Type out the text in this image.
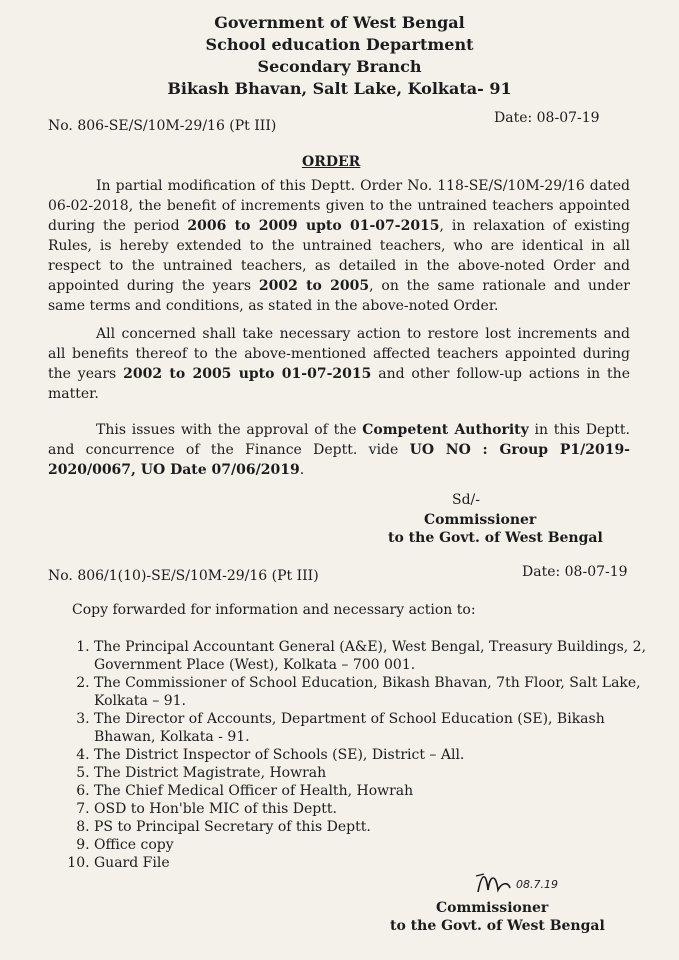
Government of West Bengal
School education Department
Secondary Branch
Bikash Bhavan, Salt Lake, Kolkata- 91
No. 806-SE/S/10M-29/16 (Pt III)	Date: 08-07-19
ORDER
In partial modification of this Deptt. Order No. 118-SE/S/10M-29/16 dated 06-02-2018, the benefit of increments given to the untrained teachers appointed during the period 2006 to 2009 upto 01-07-2015, in relaxation of existing Rules, is hereby extended to the untrained teachers, who are identical in all respect to the untrained teachers, as detailed in the above-noted Order and appointed during the years 2002 to 2005, on the same rationale and under same terms and conditions, as stated in the above-noted Order.
All concerned shall take necessary action to restore lost increments and all benefits thereof to the above-mentioned affected teachers appointed during the years 2002 to 2005 upto 01-07-2015 and other follow-up actions in the matter.
This issues with the approval of the Competent Authority in this Deptt. and concurrence of the Finance Deptt. vide UO NO : Group P1/2019-2020/0067, UO Date 07/06/2019.
Sd/-
Commissioner
to the Govt. of West Bengal
No. 806/1(10)-SE/S/10M-29/16 (Pt III)	Date: 08-07-19
Copy forwarded for information and necessary action to:
1. The Principal Accountant General (A&E), West Bengal, Treasury Buildings, 2, Government Place (West), Kolkata – 700 001.
2. The Commissioner of School Education, Bikash Bhavan, 7th Floor, Salt Lake, Kolkata – 91.
3. The Director of Accounts, Department of School Education (SE), Bikash Bhawan, Kolkata - 91.
4. The District Inspector of Schools (SE), District – All.
5. The District Magistrate, Howrah
6. The Chief Medical Officer of Health, Howrah
7. OSD to Hon'ble MIC of this Deptt.
8. PS to Principal Secretary of this Deptt.
9. Office copy
10. Guard File
08.7.19
Commissioner
to the Govt. of West Bengal
